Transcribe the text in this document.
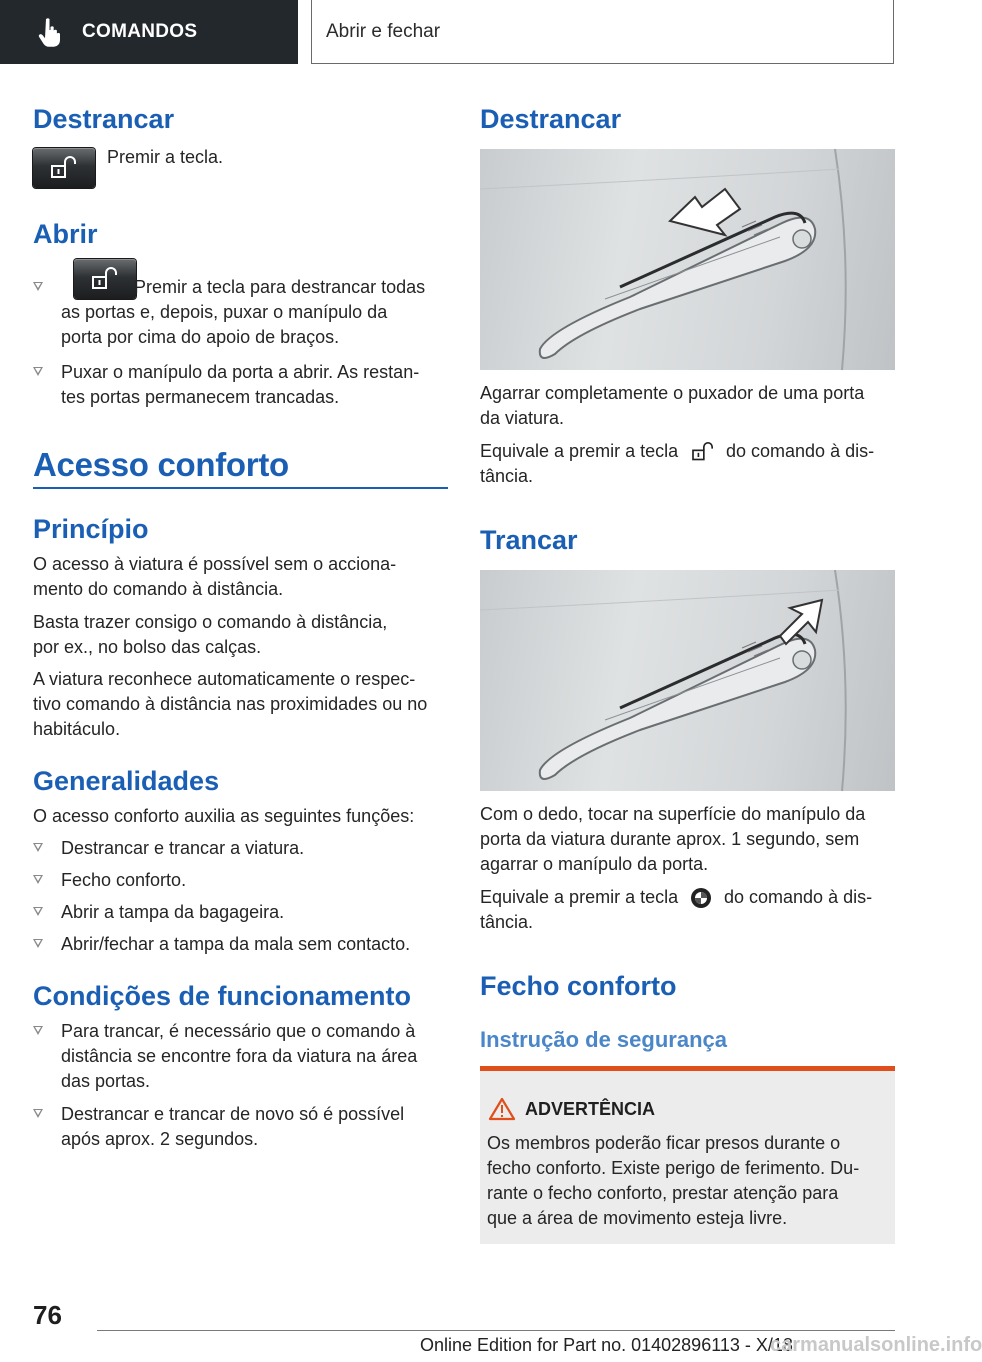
COMANDOS	Abrir e fechar
Destrancar

Premir a tecla.

Abrir
Premir a tecla para destrancar todas
as portas e, depois, puxar o manípulo da
porta por cima do apoio de braços.
Puxar o manípulo da porta a abrir. As restan-
tes portas permanecem trancadas.
Acesso conforto
Princípio
O acesso à viatura é possível sem o acciona-
mento do comando à distância.
Basta trazer consigo o comando à distância,
por ex., no bolso das calças.
A viatura reconhece automaticamente o respec-
tivo comando à distância nas proximidades ou no
habitáculo.
Generalidades

O acesso conforto auxilia as seguintes funções:

Destrancar e trancar a viatura.
Fecho conforto.
Abrir a tampa da bagageira.
Abrir/fechar a tampa da mala sem contacto.
Condições de funcionamento
Para trancar, é necessário que o comando à
distância se encontre fora da viatura na área
das portas.
Destrancar e trancar de novo só é possível
após aprox. 2 segundos.
Destrancar
Agarrar completamente o puxador de uma porta
da viatura.
Equivale a premir a tecla	do comando à dis-
tância.
Trancar
Com o dedo, tocar na superfície do manípulo da
porta da viatura durante aprox. 1 segundo, sem
agarrar o manípulo da porta.
Equivale a premir a tecla	do comando à dis-
tância.
Fecho conforto
Instrução de segurança
ADVERTÊNCIA
Os membros poderão ficar presos durante o
fecho conforto. Existe perigo de ferimento. Du-
rante o fecho conforto, prestar atenção para
que a área de movimento esteja livre.
76
Online Edition for Part no. 01402896113 - X/18
carmanualsonline.info
